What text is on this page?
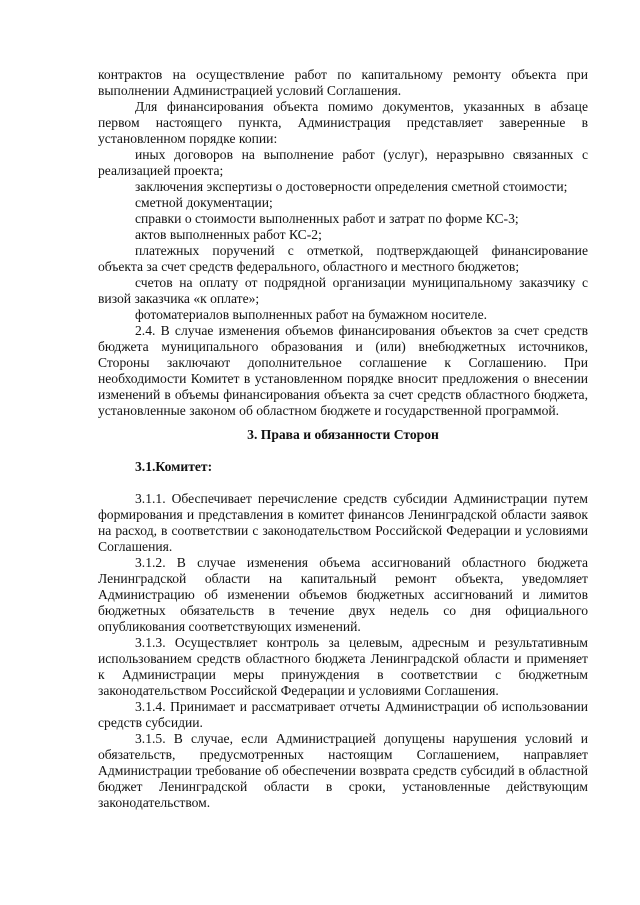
контрактов на осуществление работ по капитальному ремонту объекта при
выполнении Администрацией условий Соглашения.
Для финансирования объекта помимо документов, указанных в абзаце
первом настоящего пункта, Администрация представляет заверенные в
установленном порядке копии:
иных договоров на выполнение работ (услуг), неразрывно связанных с
реализацией проекта;
заключения экспертизы о достоверности определения сметной стоимости;
сметной документации;
справки о стоимости выполненных работ и затрат по форме КС-3;
актов выполненных работ КС-2;
платежных поручений с отметкой, подтверждающей финансирование
объекта за счет средств федерального, областного и местного бюджетов;
счетов на оплату от подрядной организации муниципальному заказчику с
визой заказчика «к оплате»;
фотоматериалов выполненных работ на бумажном носителе.
2.4. В случае изменения объемов финансирования объектов за счет средств
бюджета муниципального образования и (или) внебюджетных источников,
Стороны заключают дополнительное соглашение к Соглашению. При
необходимости Комитет в установленном порядке вносит предложения о внесении
изменений в объемы финансирования объекта за счет средств областного бюджета,
установленные законом об областном бюджете и государственной программой.
3. Права и обязанности Сторон
3.1.Комитет:
3.1.1. Обеспечивает перечисление средств субсидии Администрации путем
формирования и представления в комитет финансов Ленинградской области заявок
на расход, в соответствии с законодательством Российской Федерации и условиями
Соглашения.
3.1.2. В случае изменения объема ассигнований областного бюджета
Ленинградской области на капитальный ремонт объекта, уведомляет
Администрацию об изменении объемов бюджетных ассигнований и лимитов
бюджетных обязательств в течение двух недель со дня официального
опубликования соответствующих изменений.
3.1.3. Осуществляет контроль за целевым, адресным и результативным
использованием средств областного бюджета Ленинградской области и применяет
к Администрации меры принуждения в соответствии с бюджетным
законодательством Российской Федерации и условиями Соглашения.
3.1.4. Принимает и рассматривает отчеты Администрации об использовании
средств субсидии.
3.1.5. В случае, если Администрацией допущены нарушения условий и
обязательств, предусмотренных настоящим Соглашением, направляет
Администрации требование об обеспечении возврата средств субсидий в областной
бюджет Ленинградской области в сроки, установленные действующим
законодательством.
